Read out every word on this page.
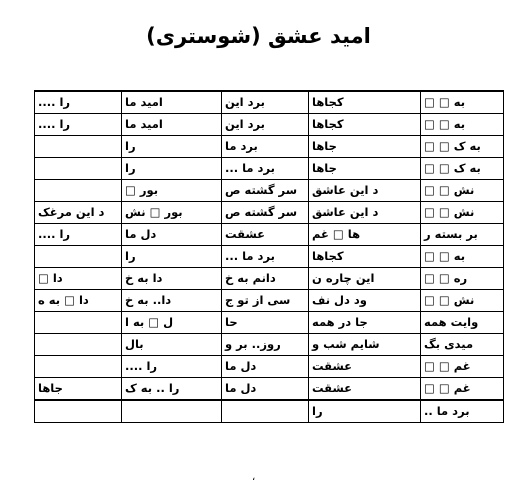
امید عشق (شوستری)

را ....	امید ما	برد این	کجاها	به □ □
را ....	امید ما	برد این	کجاها	به □ □
	را	برد ما	جاها	به ک □ □
	را	برد ما ...	جاها	به ک □ □
	بور □	سر گشته ص	د این عاشق	نش □ □
د این مرغک	بور □ نش	سر گشته ص	د این عاشق	نش □ □
را ....	دل ما	عشقت	ها □ غم	بر بسته ر
	را	برد ما ...	کجاها	به □ □
دا □	دا به خ	دانم به خ	این چاره ن	ره □ □
دا □ به ه	دا.. به خ	سی از تو ج	ود دل نف	نش □ □
	ل □ به ا	حا	جا در همه	وایت همه
	بال	روز.. بر و	شایم شب و	میدی بگ
	را ....	دل ما	عشقت	غم □ □
جاها	را .. به ک	دل ما	عشقت	غم □ □

			را	برد ما ..
،
